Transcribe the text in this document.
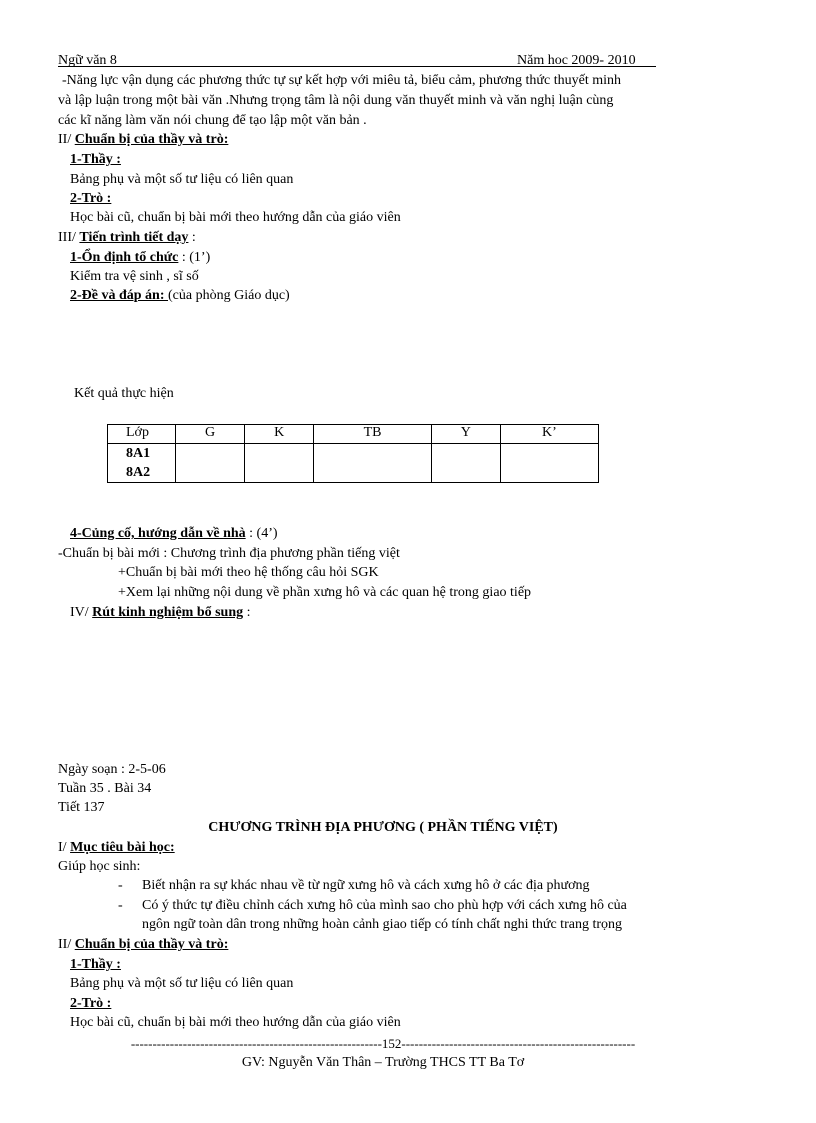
Ngữ văn 8	Năm hoc 2009- 2010
-Năng lực vận dụng các phương thức tự sự kết hợp với miêu tả, biểu cảm, phương thức thuyết minh
và lập luận trong một bài văn .Nhưng trọng tâm là nội dung văn thuyết minh và văn nghị luận cùng
các kĩ năng làm văn nói chung để tạo lập một văn bản .
II/ Chuẩn bị của thầy và trò:
1-Thầy :
Bảng phụ và một số tư liệu có liên quan
2-Trò :
Học bài cũ, chuẩn bị bài mới theo hướng dẫn của giáo viên
III/ Tiến trình tiết dạy :
1-Ổn định tổ chức : (1’)
Kiểm tra vệ sinh , sĩ số
2-Đề và đáp án: (của phòng Giáo dục)
Kết quả thực hiện
Lớp	G	K	TB	Y	K’

8A1
8A2					

4-Củng cố, hướng dẫn về nhà : (4’)
-Chuẩn bị bài mới : Chương trình địa phương phần tiếng việt
+Chuẩn bị bài mới theo hệ thống câu hỏi SGK
+Xem lại những nội dung về phần xưng hô và các quan hệ trong giao tiếp
IV/ Rút kinh nghiệm bổ sung :
Ngày soạn : 2-5-06
Tuần 35 . Bài 34
Tiết 137
CHƯƠNG TRÌNH ĐỊA PHƯƠNG ( PHẦN TIẾNG VIỆT)
I/ Mục tiêu bài học:
Giúp học sinh:
- Biết nhận ra sự khác nhau về từ ngữ xưng hô và cách xưng hô ở các địa phương
- Có ý thức tự điều chỉnh cách xưng hô của mình sao cho phù hợp với cách xưng hô của
ngôn ngữ toàn dân trong những hoàn cảnh giao tiếp có tính chất nghi thức trang trọng
II/ Chuẩn bị của thầy và trò:
1-Thầy :
Bảng phụ và một số tư liệu có liên quan
2-Trò :
Học bài cũ, chuẩn bị bài mới theo hướng dẫn của giáo viên
----------------------------------------------------------152------------------------------------------------------
GV: Nguyễn Văn Thân – Trường THCS TT Ba Tơ
